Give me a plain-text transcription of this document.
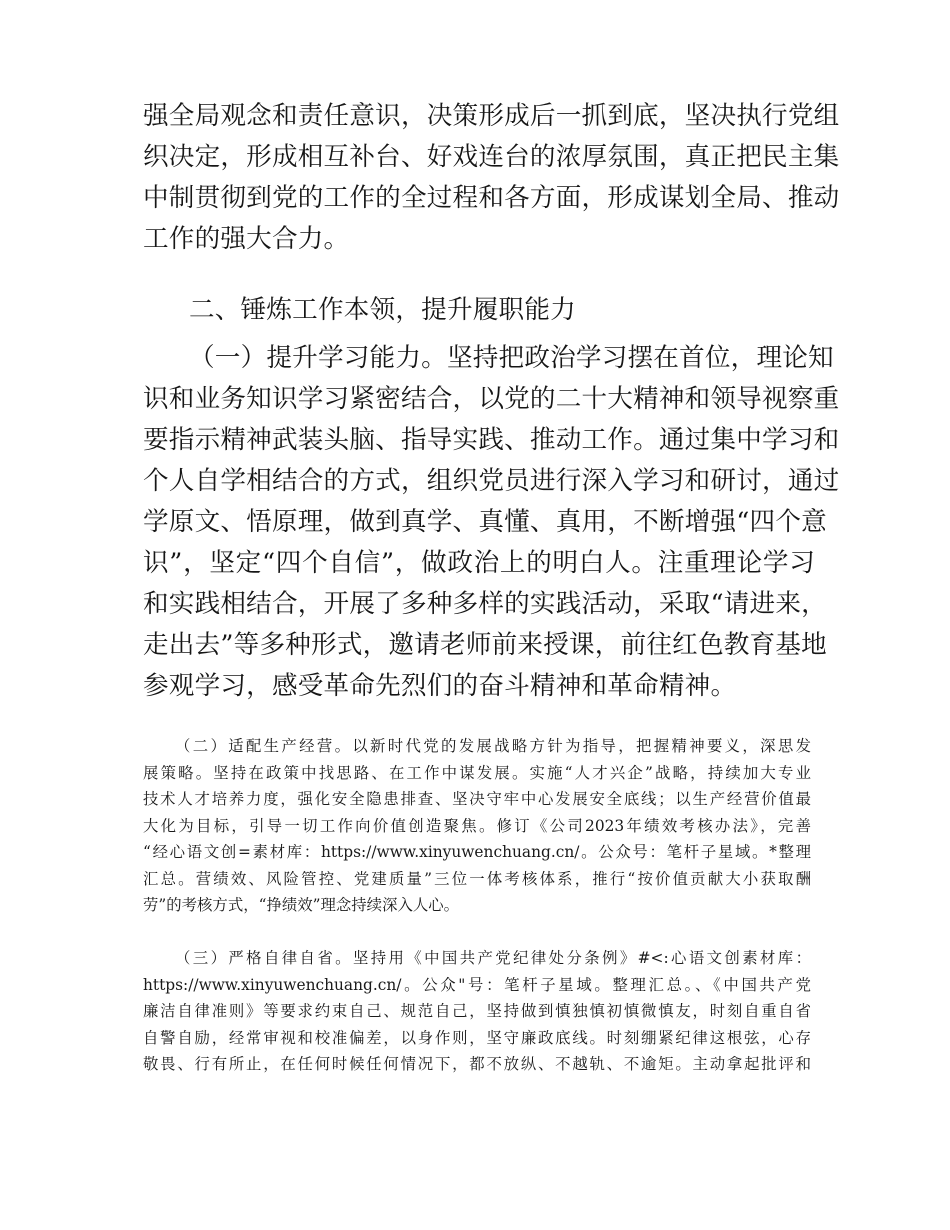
强全局观念和责任意识，决策形成后一抓到底，坚决执行党组
织决定，形成相互补台、好戏连台的浓厚氛围，真正把民主集
中制贯彻到党的工作的全过程和各方面，形成谋划全局、推动
工作的强大合力。
二、锤炼工作本领，提升履职能力
（一）提升学习能力。坚持把政治学习摆在首位，理论知
识和业务知识学习紧密结合，以党的二十大精神和领导视察重
要指示精神武装头脑、指导实践、推动工作。通过集中学习和
个人自学相结合的方式，组织党员进行深入学习和研讨，通过
学原文、悟原理，做到真学、真懂、真用，不断增强“四个意
识”，坚定“四个自信”，做政治上的明白人。注重理论学习
和实践相结合，开展了多种多样的实践活动，采取“请进来，
走出去”等多种形式，邀请老师前来授课，前往红色教育基地
参观学习，感受革命先烈们的奋斗精神和革命精神。
（二）适配生产经营。以新时代党的发展战略方针为指导，把握精神要义，深思发
展策略。坚持在政策中找思路、在工作中谋发展。实施“人才兴企”战略，持续加大专业
技术人才培养力度，强化安全隐患排查、坚决守牢中心发展安全底线；以生产经营价值最
大化为目标，引导一切工作向价值创造聚焦。修订《公司2023年绩效考核办法》，完善
“经心语文创=素材库：https://www.xinyuwenchuang.cn/。公众号：笔杆子星域。*整理
汇总。营绩效、风险管控、党建质量”三位一体考核体系，推行“按价值贡献大小获取酬
劳”的考核方式，“挣绩效”理念持续深入人心。
（三）严格自律自省。坚持用《中国共产党纪律处分条例》#<:心语文创素材库：
https://www.xinyuwenchuang.cn/。公众"号：笔杆子星域。整理汇总。、《中国共产党
廉洁自律准则》等要求约束自己、规范自己，坚持做到慎独慎初慎微慎友，时刻自重自省
自警自励，经常审视和校准偏差，以身作则，坚守廉政底线。时刻绷紧纪律这根弦，心存
敬畏、行有所止，在任何时候任何情况下，都不放纵、不越轨、不逾矩。主动拿起批评和
